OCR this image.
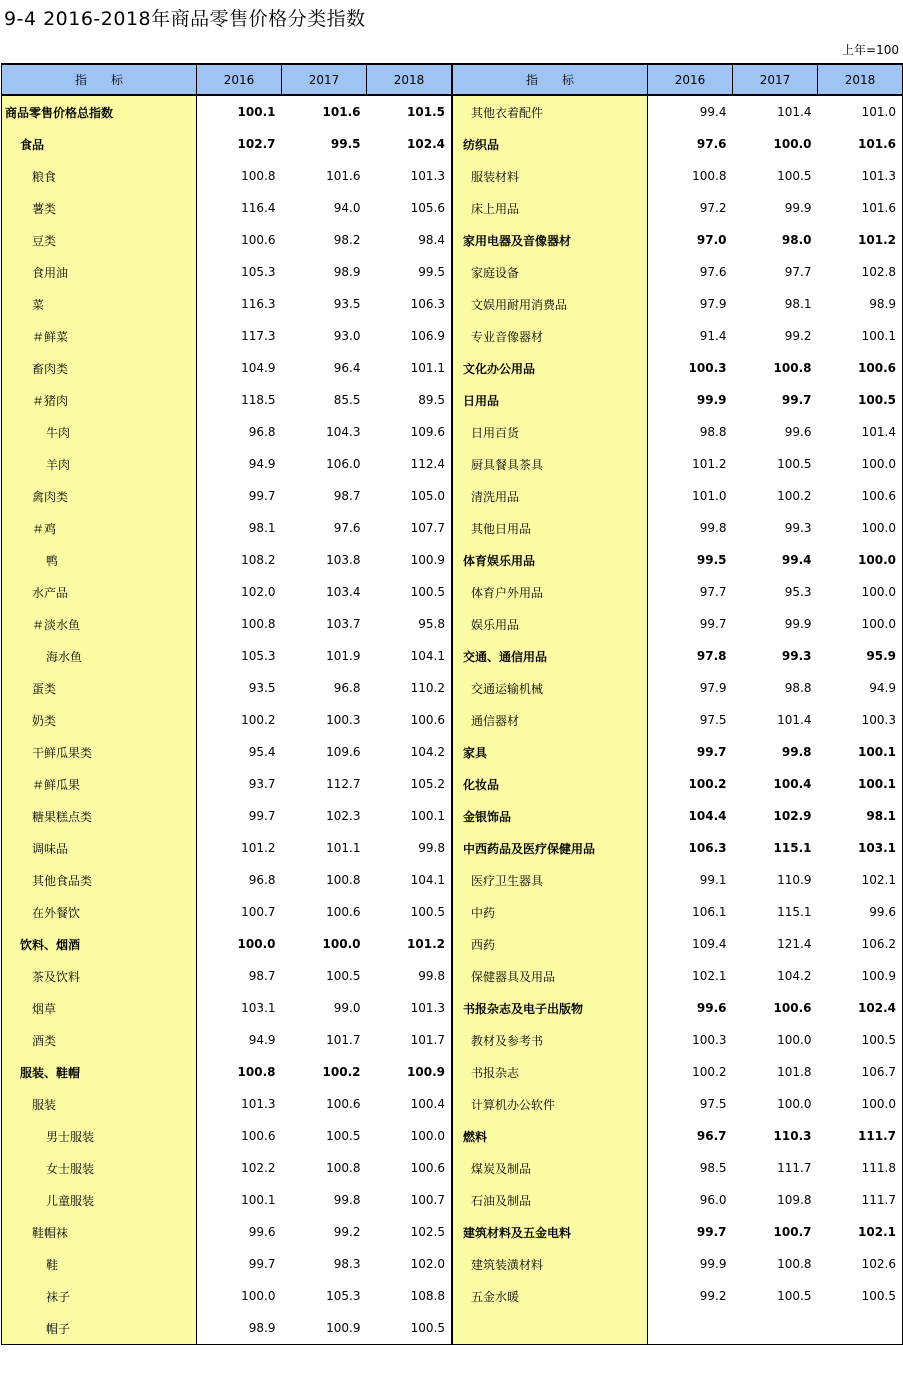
9-4 2016-2018年商品零售价格分类指数
上年=100
指　　标	2016	2017	2018		指　　标	2016	2017	2018
商品零售价格总指数	100.1	101.6	101.5		其他衣着配件	99.4	101.4	101.0
食品	102.7	99.5	102.4		纺织品	97.6	100.0	101.6
粮食	100.8	101.6	101.3		服装材料	100.8	100.5	101.3
薯类	116.4	94.0	105.6		床上用品	97.2	99.9	101.6
豆类	100.6	98.2	98.4		家用电器及音像器材	97.0	98.0	101.2
食用油	105.3	98.9	99.5		家庭设备	97.6	97.7	102.8
菜	116.3	93.5	106.3		文娱用耐用消费品	97.9	98.1	98.9
＃鲜菜	117.3	93.0	106.9		专业音像器材	91.4	99.2	100.1
畜肉类	104.9	96.4	101.1		文化办公用品	100.3	100.8	100.6
＃猪肉	118.5	85.5	89.5		日用品	99.9	99.7	100.5
牛肉	96.8	104.3	109.6		日用百货	98.8	99.6	101.4
羊肉	94.9	106.0	112.4		厨具餐具茶具	101.2	100.5	100.0
禽肉类	99.7	98.7	105.0		清洗用品	101.0	100.2	100.6
＃鸡	98.1	97.6	107.7		其他日用品	99.8	99.3	100.0
鸭	108.2	103.8	100.9		体育娱乐用品	99.5	99.4	100.0
水产品	102.0	103.4	100.5		体育户外用品	97.7	95.3	100.0
＃淡水鱼	100.8	103.7	95.8		娱乐用品	99.7	99.9	100.0
海水鱼	105.3	101.9	104.1		交通、通信用品	97.8	99.3	95.9
蛋类	93.5	96.8	110.2		交通运输机械	97.9	98.8	94.9
奶类	100.2	100.3	100.6		通信器材	97.5	101.4	100.3
干鲜瓜果类	95.4	109.6	104.2		家具	99.7	99.8	100.1
＃鲜瓜果	93.7	112.7	105.2		化妆品	100.2	100.4	100.1
糖果糕点类	99.7	102.3	100.1		金银饰品	104.4	102.9	98.1
调味品	101.2	101.1	99.8		中西药品及医疗保健用品	106.3	115.1	103.1
其他食品类	96.8	100.8	104.1		医疗卫生器具	99.1	110.9	102.1
在外餐饮	100.7	100.6	100.5		中药	106.1	115.1	99.6
饮料、烟酒	100.0	100.0	101.2		西药	109.4	121.4	106.2
茶及饮料	98.7	100.5	99.8		保健器具及用品	102.1	104.2	100.9
烟草	103.1	99.0	101.3		书报杂志及电子出版物	99.6	100.6	102.4
酒类	94.9	101.7	101.7		教材及参考书	100.3	100.0	100.5
服装、鞋帽	100.8	100.2	100.9		书报杂志	100.2	101.8	106.7
服装	101.3	100.6	100.4		计算机办公软件	97.5	100.0	100.0
男士服装	100.6	100.5	100.0		燃料	96.7	110.3	111.7
女士服装	102.2	100.8	100.6		煤炭及制品	98.5	111.7	111.8
儿童服装	100.1	99.8	100.7		石油及制品	96.0	109.8	111.7
鞋帽袜	99.6	99.2	102.5		建筑材料及五金电料	99.7	100.7	102.1
鞋	99.7	98.3	102.0		建筑装潢材料	99.9	100.8	102.6
袜子	100.0	105.3	108.8		五金水暖	99.2	100.5	100.5
帽子	98.9	100.9	100.5					
